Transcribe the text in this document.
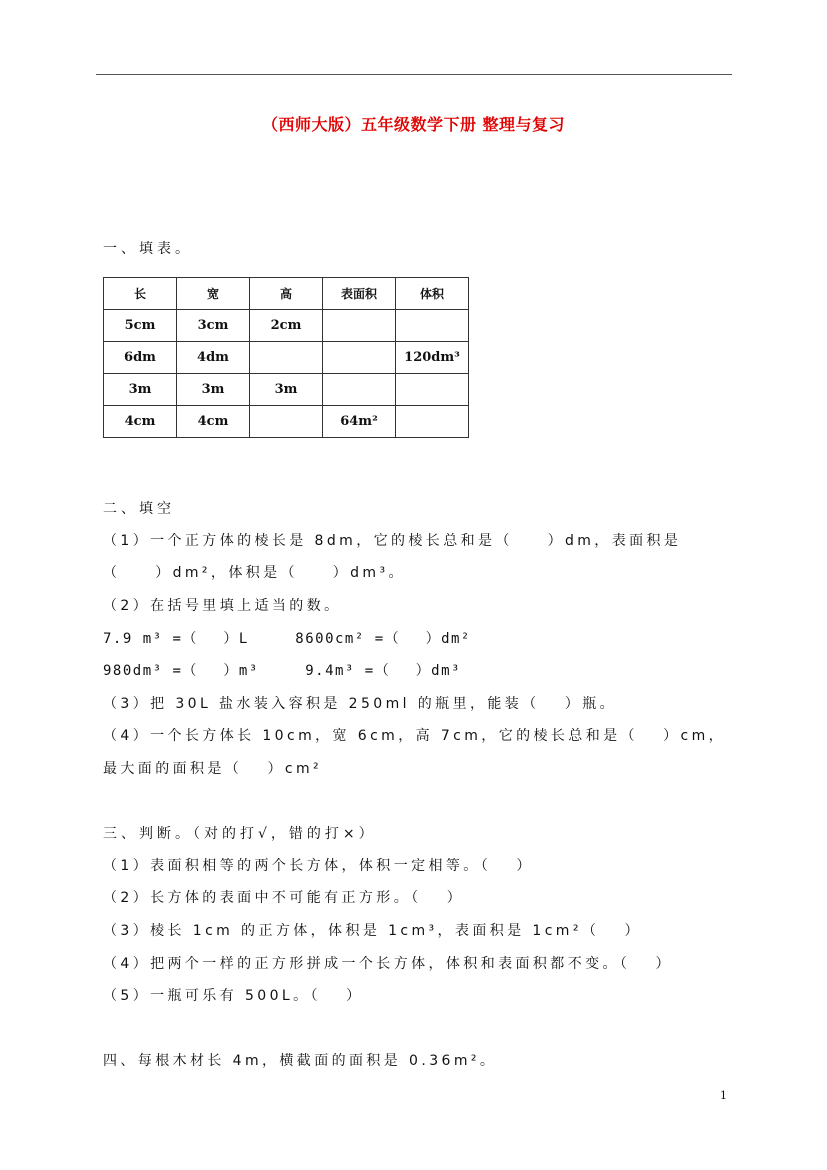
（西师大版）五年级数学下册 整理与复习
一、填表。
长	宽	高	表面积	体积
5cm	3cm	2cm		
6dm	4dm			120dm³
3m	3m	3m		
4cm	4cm		64m²	
二、填空
（1）一个正方体的棱长是 8dm，它的棱长总和是（　　）dm，表面积是
（　　）dm²，体积是（　　）dm³。
（2）在括号里填上适当的数。
7.9 m³ =（　 ）L　　　8600cm² =（　 ）dm²
980dm³ =（　 ）m³　　　9.4m³ =（　 ）dm³
（3）把 30L 盐水装入容积是 250ml 的瓶里，能装（　 ）瓶。
（4）一个长方体长 10cm，宽 6cm，高 7cm，它的棱长总和是（　 ）cm，
最大面的面积是（　 ）cm²
三、判断。（对的打√，错的打×）
（1）表面积相等的两个长方体，体积一定相等。（　 ）
（2）长方体的表面中不可能有正方形。（　 ）
（3）棱长 1cm 的正方体，体积是 1cm³，表面积是 1cm²（　 ）
（4）把两个一样的正方形拼成一个长方体，体积和表面积都不变。（　 ）
（5）一瓶可乐有 500L。（　 ）
四、每根木材长 4m，横截面的面积是 0.36m²。
1
